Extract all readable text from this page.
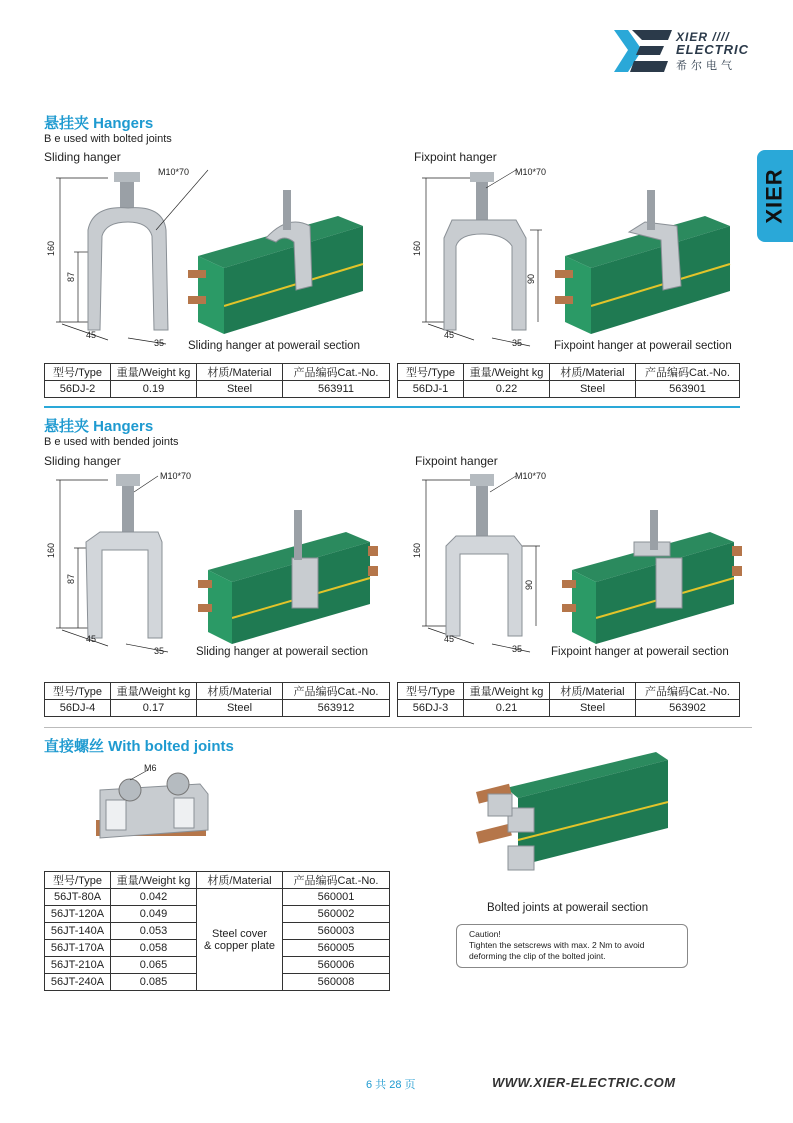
XIER ////
ELECTRIC
希尔电气
XIER
悬挂夹 Hangers
B e used with bolted joints
Sliding hanger	Fixpoint hanger
160
87
45
35
M10*70
Sliding hanger at powerail section
160
90
45
35
M10*70
Fixpoint hanger at powerail section
型号/Type	重量/Weight kg	材质/Material	产品编码Cat.-No.
56DJ-2	0.19	Steel	563911
型号/Type	重量/Weight kg	材质/Material	产品编码Cat.-No.
56DJ-1	0.22	Steel	563901
悬挂夹 Hangers
B e used with bended joints
Sliding hanger	Fixpoint hanger
160
87
45
35
M10*70
Sliding hanger at powerail section
160
90
45
35
M10*70
Fixpoint hanger at powerail section
型号/Type	重量/Weight kg	材质/Material	产品编码Cat.-No.
56DJ-4	0.17	Steel	563912
型号/Type	重量/Weight kg	材质/Material	产品编码Cat.-No.
56DJ-3	0.21	Steel	563902
直接螺丝 With bolted joints
M6
Bolted joints at powerail section
Caution!
Tighten the setscrews with max. 2 Nm to avoid
deforming the clip of the bolted joint.
型号/Type	重量/Weight kg	材质/Material	产品编码Cat.-No.
56JT-80A	0.042	Steel cover
& copper plate	560001
56JT-120A	0.049		560002
56JT-140A	0.053		560003
56JT-170A	0.058		560005
56JT-210A	0.065		560006
56JT-240A	0.085		560008
6 共 28 页	WWW.XIER-ELECTRIC.COM
